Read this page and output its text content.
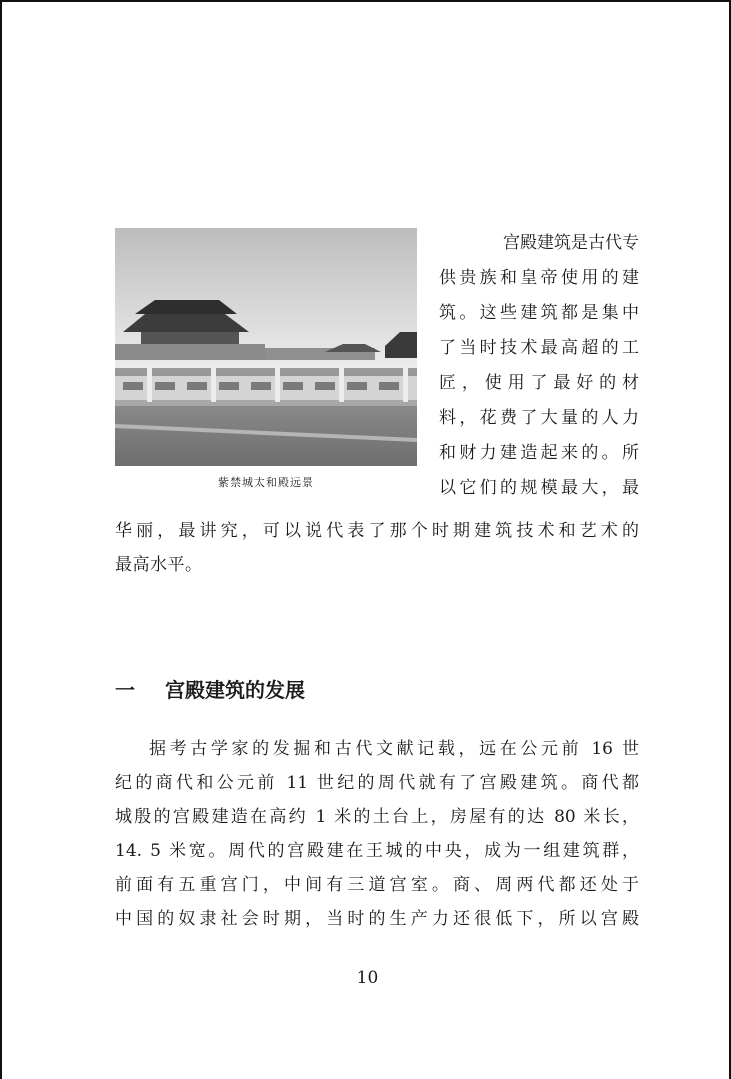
紫禁城太和殿远景
宫殿建筑是古代专
供贵族和皇帝使用的建
筑。这些建筑都是集中
了当时技术最高超的工
匠，使用了最好的材
料，花费了大量的人力
和财力建造起来的。所
以它们的规模最大，最
华丽，最讲究，可以说代表了那个时期建筑技术和艺术的
最高水平。
一 宫殿建筑的发展
据考古学家的发掘和古代文献记载，远在公元前 16 世
纪的商代和公元前 11 世纪的周代就有了宫殿建筑。商代都
城殷的宫殿建造在高约 1 米的土台上，房屋有的达 80 米长，
14. 5 米宽。周代的宫殿建在王城的中央，成为一组建筑群，
前面有五重宫门，中间有三道宫室。商、周两代都还处于
中国的奴隶社会时期，当时的生产力还很低下，所以宫殿
10
